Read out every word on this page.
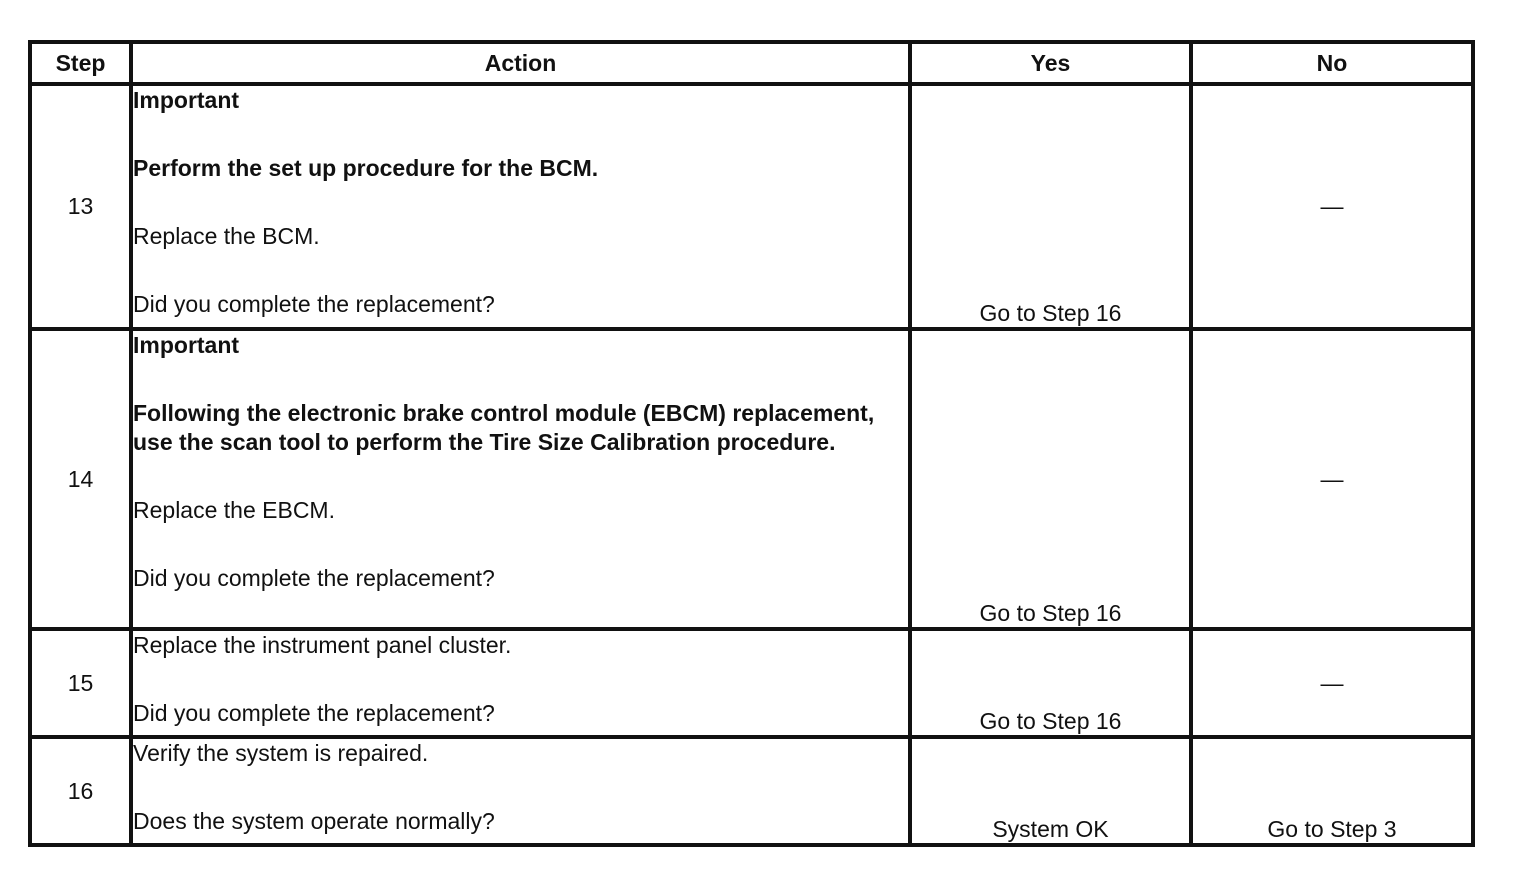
Step	Action	Yes	No
13	Important

Perform the set up procedure for the BCM.

Replace the BCM.

Did you complete the replacement?	Go to Step 16	—
14	Important

Following the electronic brake control module (EBCM) replacement, use the scan tool to perform the Tire Size Calibration procedure.

Replace the EBCM.

Did you complete the replacement?	Go to Step 16	—
15	Replace the instrument panel cluster.

Did you complete the replacement?	Go to Step 16	—
16	Verify the system is repaired.

Does the system operate normally?	System OK	Go to Step 3
